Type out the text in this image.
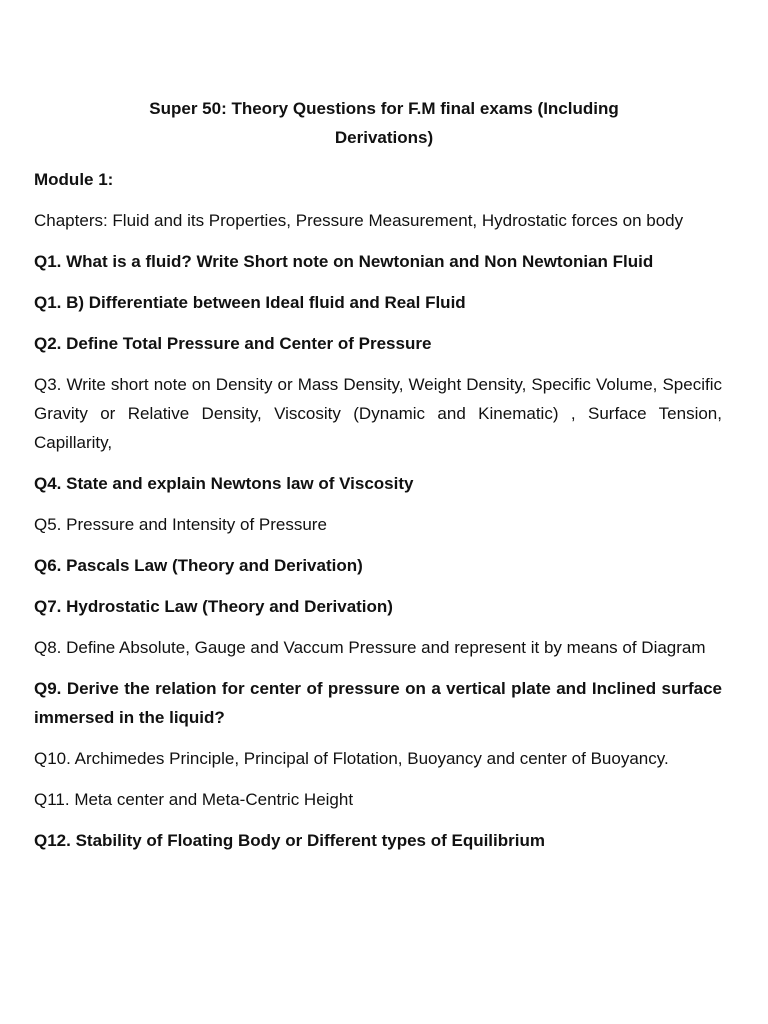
Super 50: Theory Questions for F.M final exams (Including
Derivations)

Module 1:

Chapters: Fluid and its Properties, Pressure Measurement, Hydrostatic forces on body

Q1. What is a fluid? Write Short note on Newtonian and Non Newtonian Fluid

Q1. B) Differentiate between Ideal fluid and Real Fluid

Q2. Define Total Pressure and Center of Pressure

Q3. Write short note on Density or Mass Density, Weight Density, Specific Volume, Specific Gravity or Relative Density, Viscosity (Dynamic and Kinematic) , Surface Tension, Capillarity,

Q4. State and explain Newtons law of Viscosity

Q5. Pressure and Intensity of Pressure

Q6. Pascals Law (Theory and Derivation)

Q7. Hydrostatic Law (Theory and Derivation)

Q8. Define Absolute, Gauge and Vaccum Pressure and represent it by means of Diagram

Q9. Derive the relation for center of pressure on a vertical plate and Inclined surface immersed in the liquid?

Q10. Archimedes Principle, Principal of Flotation, Buoyancy and center of Buoyancy.

Q11. Meta center and Meta-Centric Height

Q12. Stability of Floating Body or Different types of Equilibrium
